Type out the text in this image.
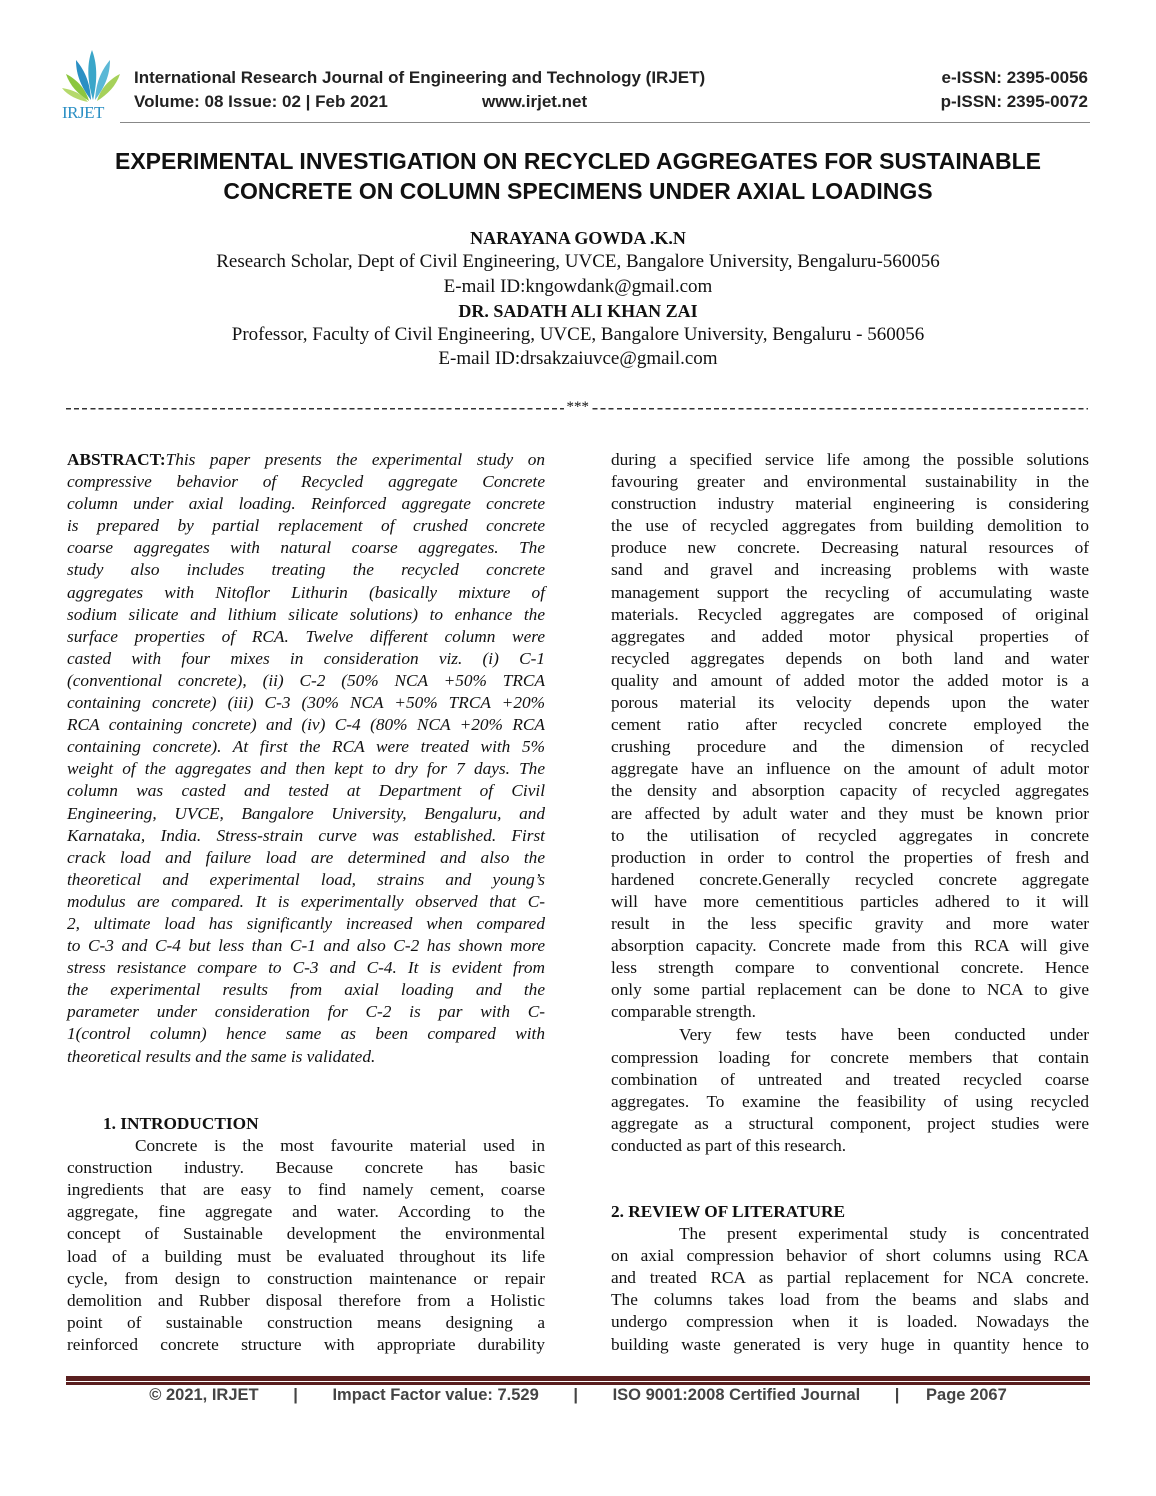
IRJET
International Research Journal of Engineering and Technology (IRJET)
Volume: 08 Issue: 02 | Feb 2021	www.irjet.net
e-ISSN: 2395-0056
p-ISSN: 2395-0072
EXPERIMENTAL INVESTIGATION ON RECYCLED AGGREGATES FOR SUSTAINABLE
CONCRETE ON COLUMN SPECIMENS UNDER AXIAL LOADINGS
NARAYANA GOWDA .K.N
Research Scholar, Dept of Civil Engineering, UVCE, Bangalore University, Bengaluru-560056
E-mail ID:kngowdank@gmail.com
DR. SADATH ALI KHAN ZAI
Professor, Faculty of Civil Engineering, UVCE, Bangalore University, Bengaluru - 560056
E-mail ID:drsakzaiuvce@gmail.com
***
ABSTRACT:This paper presents the experimental study on
compressive behavior of Recycled aggregate Concrete
column under axial loading. Reinforced aggregate concrete
is prepared by partial replacement of crushed concrete
coarse aggregates with natural coarse aggregates. The
study also includes treating the recycled concrete
aggregates with Nitoflor Lithurin (basically mixture of
sodium silicate and lithium silicate solutions) to enhance the
surface properties of RCA. Twelve different column were
casted with four mixes in consideration viz. (i) C-1
(conventional concrete), (ii) C-2 (50% NCA +50% TRCA
containing concrete) (iii) C-3 (30% NCA +50% TRCA +20%
RCA containing concrete) and (iv) C-4 (80% NCA +20% RCA
containing concrete). At first the RCA were treated with 5%
weight of the aggregates and then kept to dry for 7 days. The
column was casted and tested at Department of Civil
Engineering, UVCE, Bangalore University, Bengaluru, and
Karnataka, India. Stress-strain curve was established. First
crack load and failure load are determined and also the
theoretical and experimental load, strains and young’s
modulus are compared. It is experimentally observed that C-
2, ultimate load has significantly increased when compared
to C-3 and C-4 but less than C-1 and also C-2 has shown more
stress resistance compare to C-3 and C-4. It is evident from
the experimental results from axial loading and the
parameter under consideration for C-2 is par with C-
1(control column) hence same as been compared with
theoretical results and the same is validated.
1. INTRODUCTION
Concrete is the most favourite material used in
construction industry. Because concrete has basic
ingredients that are easy to find namely cement, coarse
aggregate, fine aggregate and water. According to the
concept of Sustainable development the environmental
load of a building must be evaluated throughout its life
cycle, from design to construction maintenance or repair
demolition and Rubber disposal therefore from a Holistic
point of sustainable construction means designing a
reinforced concrete structure with appropriate durability
during a specified service life among the possible solutions
favouring greater and environmental sustainability in the
construction industry material engineering is considering
the use of recycled aggregates from building demolition to
produce new concrete. Decreasing natural resources of
sand and gravel and increasing problems with waste
management support the recycling of accumulating waste
materials. Recycled aggregates are composed of original
aggregates and added motor physical properties of
recycled aggregates depends on both land and water
quality and amount of added motor the added motor is a
porous material its velocity depends upon the water
cement ratio after recycled concrete employed the
crushing procedure and the dimension of recycled
aggregate have an influence on the amount of adult motor
the density and absorption capacity of recycled aggregates
are affected by adult water and they must be known prior
to the utilisation of recycled aggregates in concrete
production in order to control the properties of fresh and
hardened concrete.Generally recycled concrete aggregate
will have more cementitious particles adhered to it will
result in the less specific gravity and more water
absorption capacity. Concrete made from this RCA will give
less strength compare to conventional concrete. Hence
only some partial replacement can be done to NCA to give
comparable strength.
Very few tests have been conducted under
compression loading for concrete members that contain
combination of untreated and treated recycled coarse
aggregates. To examine the feasibility of using recycled
aggregate as a structural component, project studies were
conducted as part of this research.
2. REVIEW OF LITERATURE
The present experimental study is concentrated
on axial compression behavior of short columns using RCA
and treated RCA as partial replacement for NCA concrete.
The columns takes load from the beams and slabs and
undergo compression when it is loaded. Nowadays the
building waste generated is very huge in quantity hence to
© 2021, IRJET | Impact Factor value: 7.529 | ISO 9001:2008 Certified Journal | Page 2067
